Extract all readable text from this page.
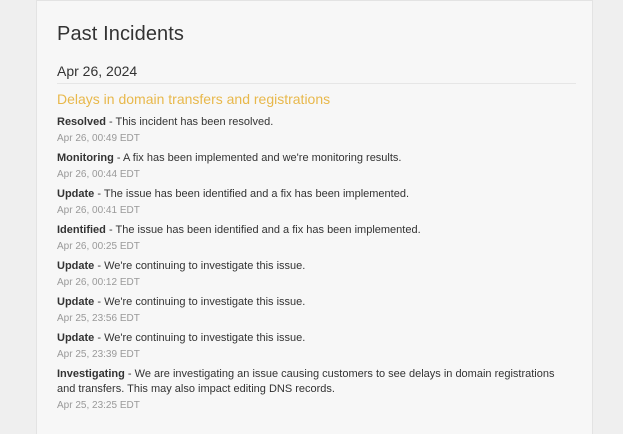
Past Incidents
Apr 26, 2024
Delays in domain transfers and registrations
Resolved - This incident has been resolved.
Apr 26, 00:49 EDT
Monitoring - A fix has been implemented and we're monitoring results.
Apr 26, 00:44 EDT
Update - The issue has been identified and a fix has been implemented.
Apr 26, 00:41 EDT
Identified - The issue has been identified and a fix has been implemented.
Apr 26, 00:25 EDT
Update - We're continuing to investigate this issue.
Apr 26, 00:12 EDT
Update - We're continuing to investigate this issue.
Apr 25, 23:56 EDT
Update - We're continuing to investigate this issue.
Apr 25, 23:39 EDT
Investigating - We are investigating an issue causing customers to see delays in domain registrations and transfers. This may also impact editing DNS records.
Apr 25, 23:25 EDT
